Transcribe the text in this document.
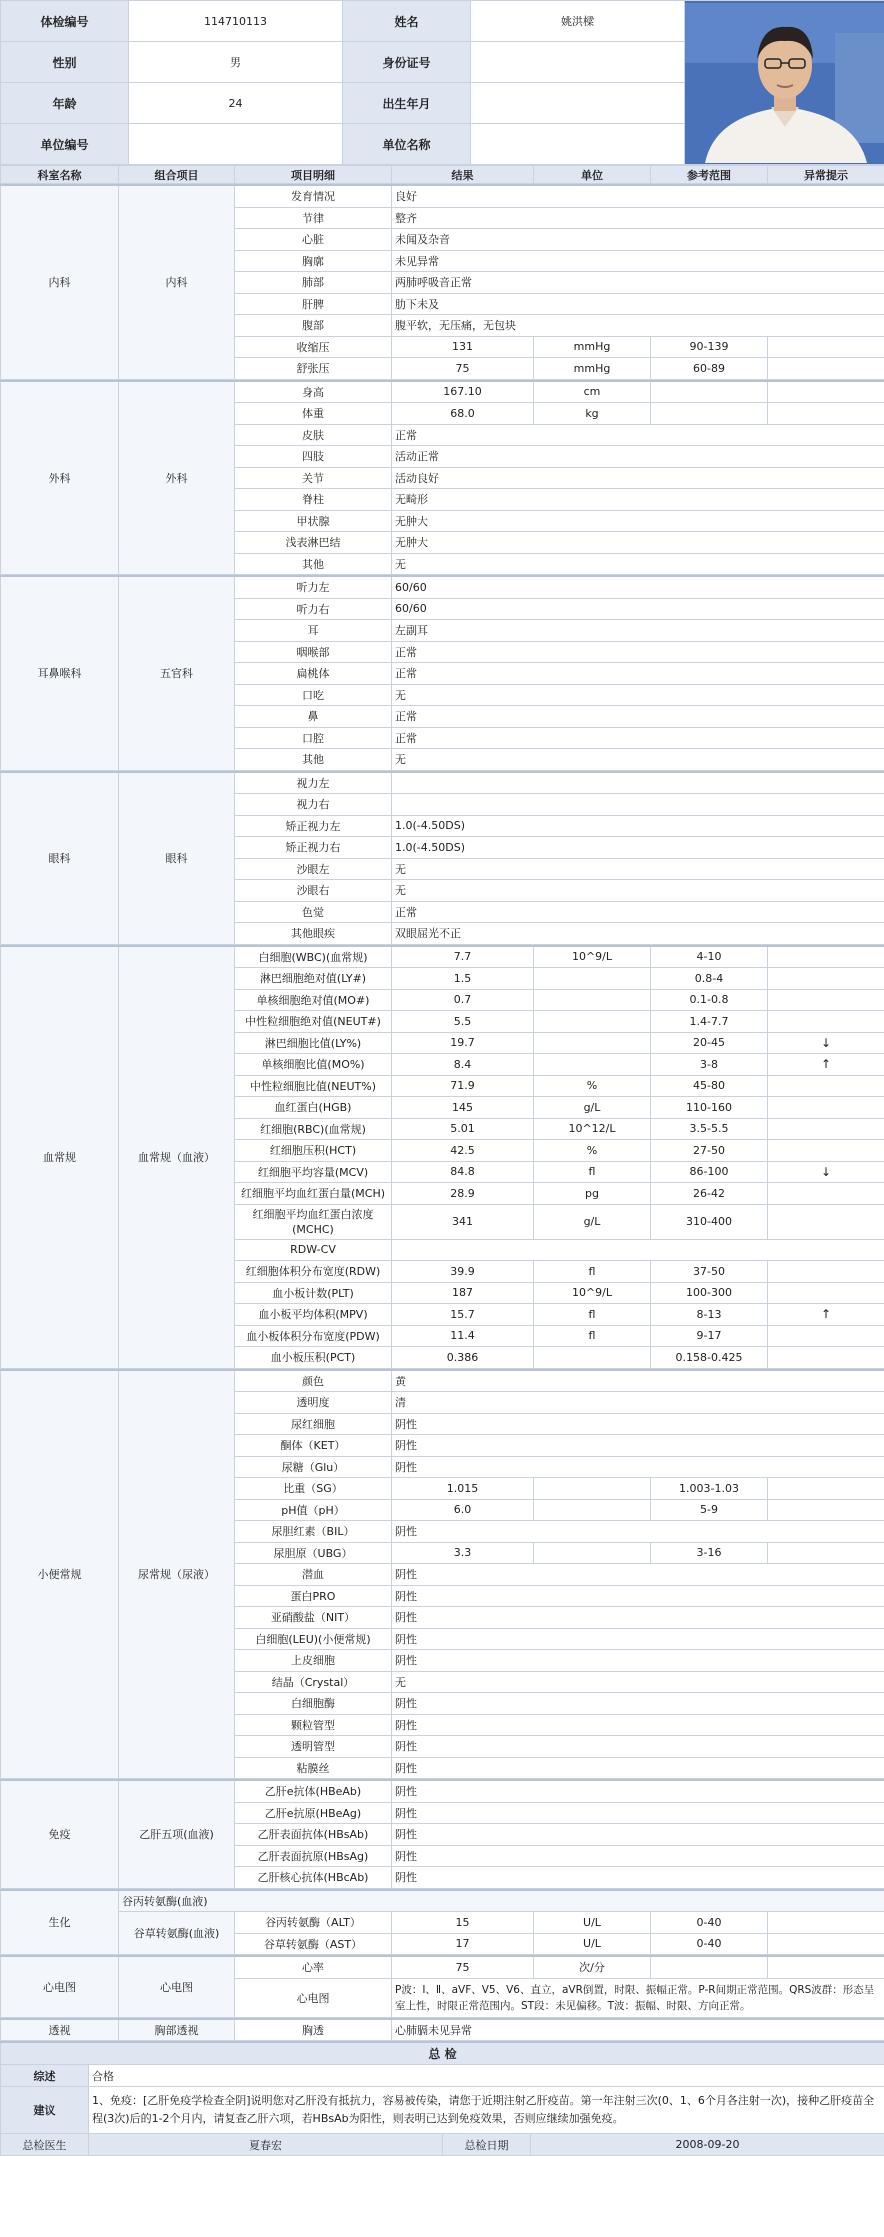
体检编号	114710113	姓名	姚洪樑	

性别	男	身份证号		
年龄	24	出生年月		
单位编号		单位名称		
科室名称	组合项目	项目明细	结果	单位	参考范围	异常提示
内科	内科	发育情况	良好			
		节律	整齐			
		心脏	未闻及杂音			
		胸廓	未见异常			
		肺部	两肺呼吸音正常			
		肝脾	肋下未及			
		腹部	腹平软，无压痛，无包块			
		收缩压	131	mmHg	90-139	
		舒张压	75	mmHg	60-89	
外科	外科	身高	167.10	cm		
		体重	68.0	kg		
		皮肤	正常			
		四肢	活动正常			
		关节	活动良好			
		脊柱	无畸形			
		甲状腺	无肿大			
		浅表淋巴结	无肿大			
		其他	无			
耳鼻喉科	五官科	听力左	60/60
		听力右	60/60
		耳	左副耳
		咽喉部	正常
		扁桃体	正常
		口吃	无
		鼻	正常
		口腔	正常
		其他	无
眼科	眼科	视力左	
		视力右	
		矫正视力左	1.0(-4.50DS)
		矫正视力右	1.0(-4.50DS)
		沙眼左	无
		沙眼右	无
		色觉	正常
		其他眼疾	双眼屈光不正
血常规	血常规（血液）	白细胞(WBC)(血常规)	7.7	10^9/L	4-10	
		淋巴细胞绝对值(LY#)	1.5		0.8-4	
		单核细胞绝对值(MO#)	0.7		0.1-0.8	
		中性粒细胞绝对值(NEUT#)	5.5		1.4-7.7	
		淋巴细胞比值(LY%)	19.7		20-45	↓
		单核细胞比值(MO%)	8.4		3-8	↑
		中性粒细胞比值(NEUT%)	71.9	%	45-80	
		血红蛋白(HGB)	145	g/L	110-160	
		红细胞(RBC)(血常规)	5.01	10^12/L	3.5-5.5	
		红细胞压积(HCT)	42.5	%	27-50	
		红细胞平均容量(MCV)	84.8	fl	86-100	↓
		红细胞平均血红蛋白量(MCH)	28.9	pg	26-42	
		红细胞平均血红蛋白浓度(MCHC)	341	g/L	310-400	
		RDW-CV				
		红细胞体积分布宽度(RDW)	39.9	fl	37-50	
		血小板计数(PLT)	187	10^9/L	100-300	
		血小板平均体积(MPV)	15.7	fl	8-13	↑
		血小板体积分布宽度(PDW)	11.4	fl	9-17	
		血小板压积(PCT)	0.386		0.158-0.425	
小便常规	尿常规（尿液）	颜色	黄			
		透明度	清			
		尿红细胞	阴性			
		酮体（KET）	阴性			
		尿糖（Glu）	阴性			
		比重（SG）	1.015		1.003-1.03	
		pH值（pH）	6.0		5-9	
		尿胆红素（BIL）	阴性			
		尿胆原（UBG）	3.3		3-16	
		潜血	阴性			
		蛋白PRO	阴性			
		亚硝酸盐（NIT）	阴性			
		白细胞(LEU)(小便常规)	阴性			
		上皮细胞	阴性			
		结晶（Crystal）	无			
		白细胞酶	阴性			
		颗粒管型	阴性			
		透明管型	阴性			
		粘膜丝	阴性			
免疫	乙肝五项(血液)	乙肝e抗体(HBeAb)	阴性
		乙肝e抗原(HBeAg)	阴性
		乙肝表面抗体(HBsAb)	阴性
		乙肝表面抗原(HBsAg)	阴性
		乙肝核心抗体(HBcAb)	阴性
生化	谷丙转氨酶(血液)					
	谷草转氨酶(血液)	谷丙转氨酶（ALT）	15	U/L	0-40	
		谷草转氨酶（AST）	17	U/L	0-40	
心电图	心电图	心率	75	次/分		
		心电图	P波：Ⅰ、Ⅱ、aVF、V5、V6、直立，aVR倒置，时限、振幅正常。P-R间期正常范围。QRS波群：形态呈室上性，时限正常范围内。ST段：未见偏移。T波：振幅、时限、方向正常。			
透视	胸部透视	胸透	心肺膈未见异常
总 检			
综述	合格		
建议	1、免疫：[乙肝免疫学检查全阴]说明您对乙肝没有抵抗力，容易被传染，请您于近期注射乙肝疫苗。第一年注射三次(0、1、6个月各注射一次)，接种乙肝疫苗全程(3次)后的1-2个月内，请复查乙肝六项，若HBsAb为阳性，则表明已达到免疫效果，否则应继续加强免疫。		
总检医生	夏春宏	总检日期	2008-09-20
